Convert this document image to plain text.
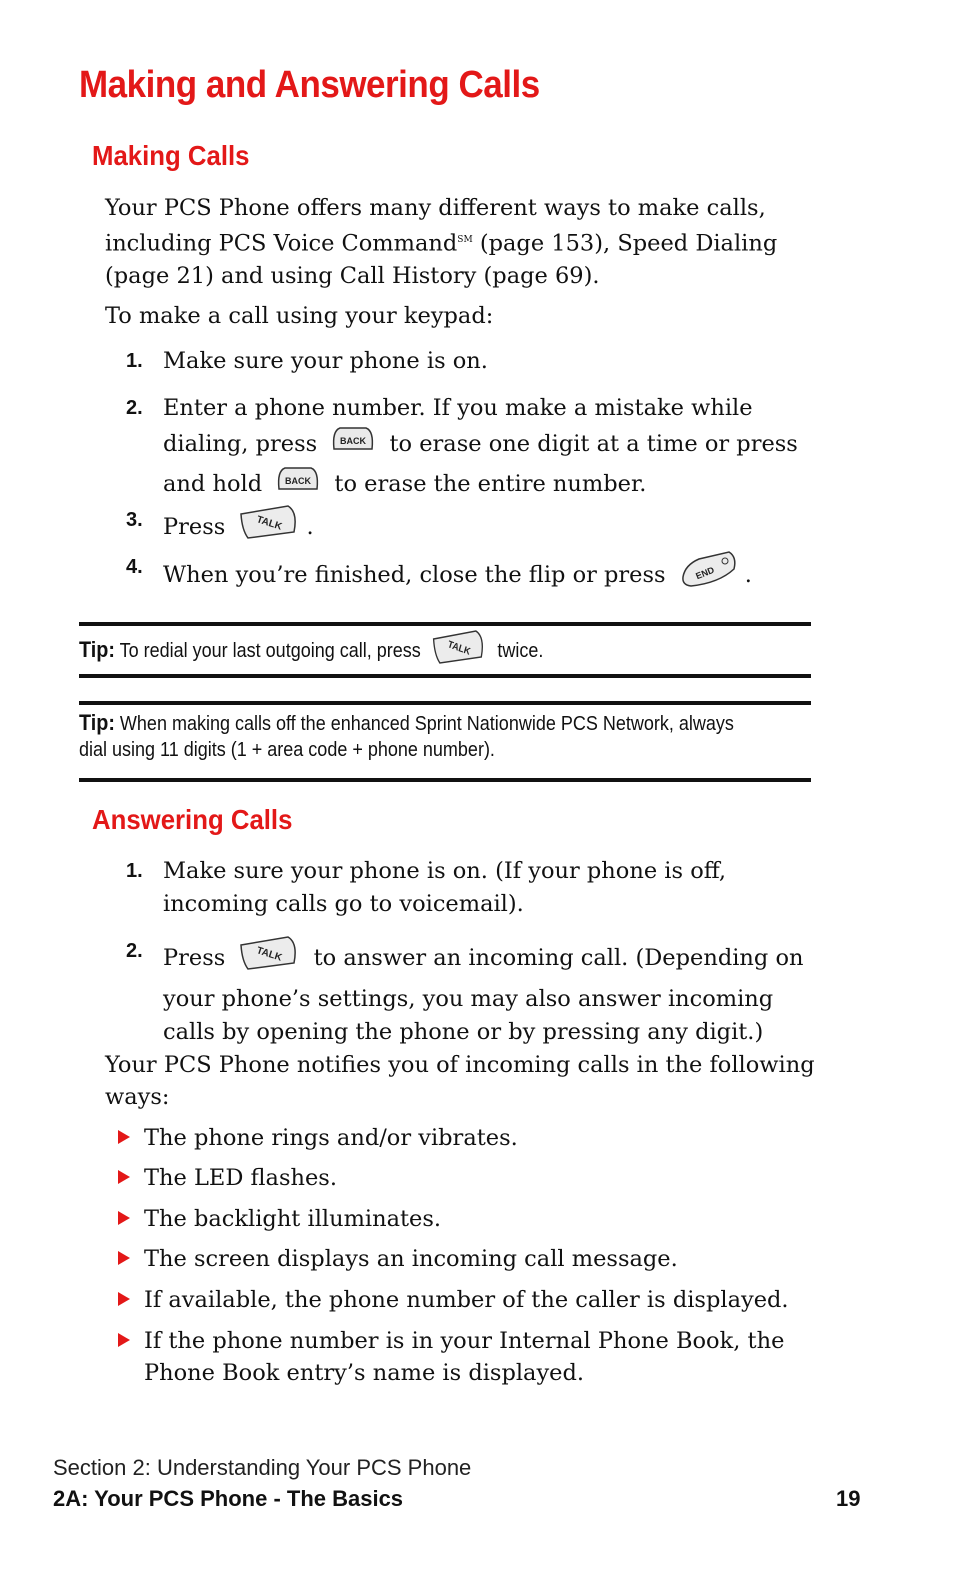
Making and Answering Calls
Making Calls

Your PCS Phone offers many different ways to make calls, including PCS Voice Command℠ (page 153), Speed Dialing (page 21) and using Call History (page 69).

To make a call using your keypad:

1. Make sure your phone is on.
2. Enter a phone number. If you make a mistake while dialing, press	BACK to erase one digit at a time or press and hold	BACK to erase the entire number.
3. Press	TALK .
4. When you’re finished, close the flip or press	END .
Tip: To redial your last outgoing call, press	TALK twice.
Tip: When making calls off the enhanced Sprint Nationwide PCS Network, always dial using 11 digits (1 + area code + phone number).
Answering Calls
1. Make sure your phone is on. (If your phone is off, incoming calls go to voicemail).
2. Press	TALK to answer an incoming call. (Depending on your phone’s settings, you may also answer incoming calls by opening the phone or by pressing any digit.)

Your PCS Phone notifies you of incoming calls in the following ways:

The phone rings and/or vibrates.
The LED flashes.
The backlight illuminates.
The screen displays an incoming call message.
If available, the phone number of the caller is displayed.
If the phone number is in your Internal Phone Book, the Phone Book entry’s name is displayed.
Section 2: Understanding Your PCS Phone
2A: Your PCS Phone - The Basics	19
